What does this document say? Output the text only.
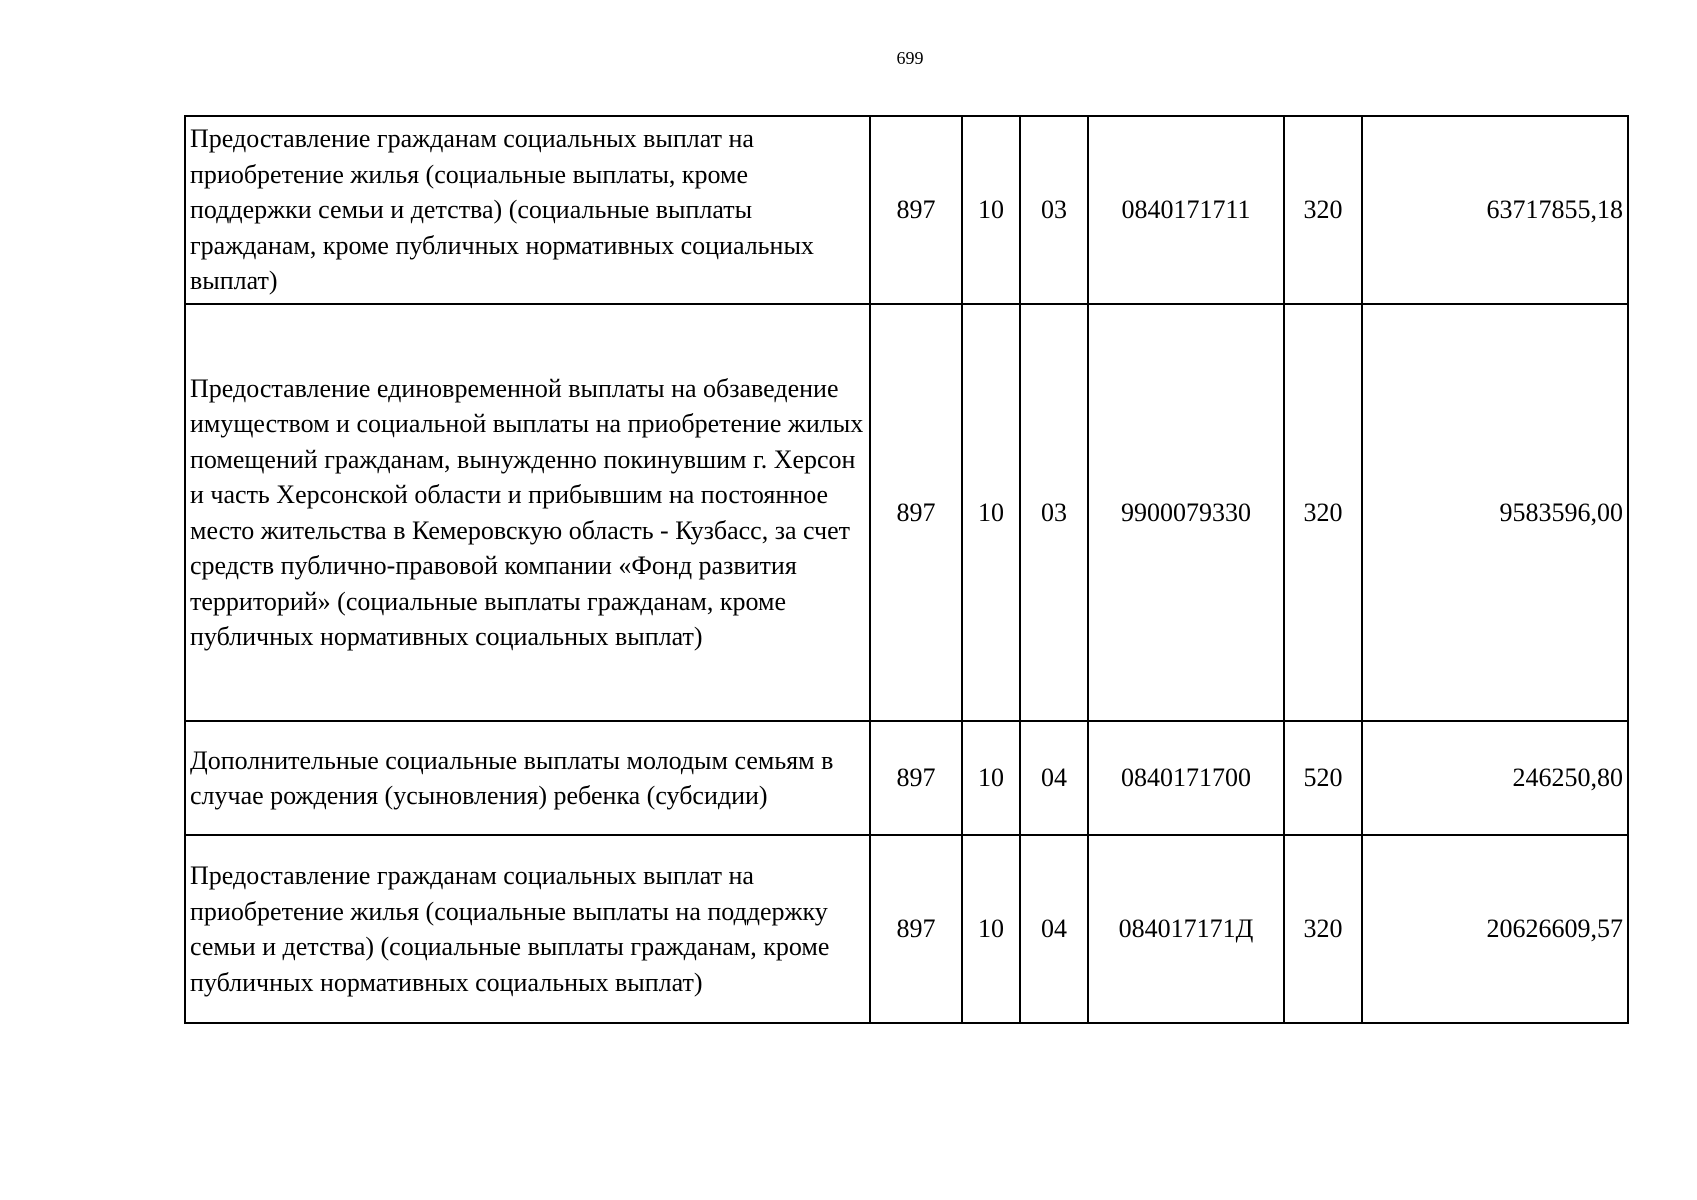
699
Предоставление гражданам социальных выплат на приобретение жилья (социальные выплаты, кроме поддержки семьи и детства) (социальные выплаты гражданам, кроме публичных нормативных социальных выплат)	897	10	03	0840171711	320	63717855,18
Предоставление единовременной выплаты на обзаведение имуществом и социальной выплаты на приобретение жилых помещений гражданам, вынужденно покинувшим г. Херсон и часть Херсонской области и прибывшим на постоянное место жительства в Кемеровскую область - Кузбасс, за счет средств публично-правовой компании «Фонд развития территорий» (социальные выплаты гражданам, кроме публичных нормативных социальных выплат)	897	10	03	9900079330	320	9583596,00
Дополнительные социальные выплаты молодым семьям в случае рождения (усыновления) ребенка (субсидии)	897	10	04	0840171700	520	246250,80
Предоставление гражданам социальных выплат на приобретение жилья (социальные выплаты на поддержку семьи и детства) (социальные выплаты гражданам, кроме публичных нормативных социальных выплат)	897	10	04	084017171Д	320	20626609,57
